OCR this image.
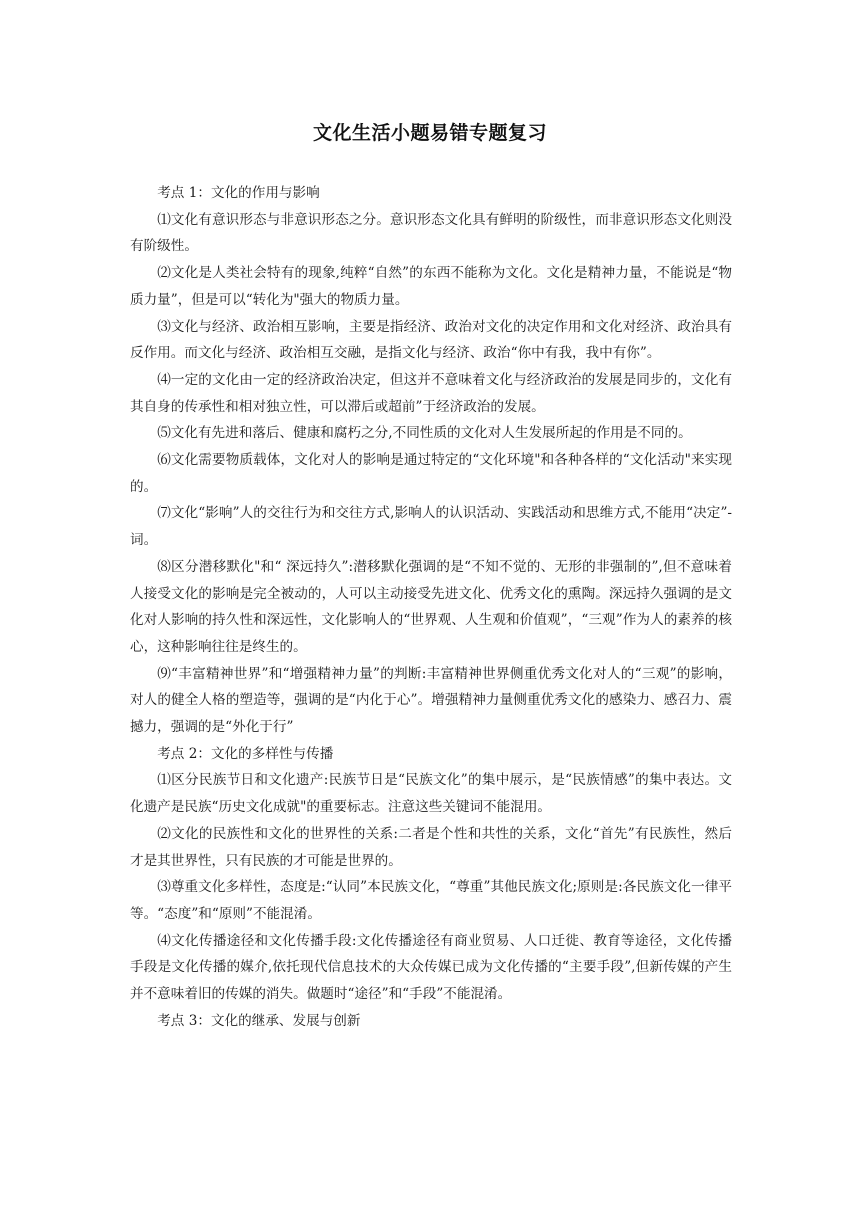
文化生活小题易错专题复习

考点 1：文化的作用与影响

⑴文化有意识形态与非意识形态之分。意识形态文化具有鲜明的阶级性，而非意识形态文化则没有阶级性。

⑵文化是人类社会特有的现象,纯粹“自然”的东西不能称为文化。文化是精神力量，不能说是“物质力量”，但是可以“转化为"强大的物质力量。

⑶文化与经济、政治相互影响，主要是指经济、政治对文化的决定作用和文化对经济、政治具有反作用。而文化与经济、政治相互交融，是指文化与经济、政治“你中有我，我中有你”。

⑷一定的文化由一定的经济政治决定，但这并不意味着文化与经济政治的发展是同步的，文化有其自身的传承性和相对独立性，可以滞后或超前”于经济政治的发展。

⑸文化有先进和落后、健康和腐朽之分,不同性质的文化对人生发展所起的作用是不同的。

⑹文化需要物质载体，文化对人的影响是通过特定的“文化环境"和各种各样的“文化活动"来实现的。

⑺文化“影响”人的交往行为和交往方式,影响人的认识活动、实践活动和思维方式,不能用“决定”-词。

⑻区分潜移默化"和“ 深远持久”:潜移默化强调的是“不知不觉的、无形的非强制的”,但不意味着人接受文化的影响是完全被动的，人可以主动接受先进文化、优秀文化的熏陶。深远持久强调的是文化对人影响的持久性和深远性，文化影响人的“世界观、人生观和价值观”，“三观”作为人的素养的核心，这种影响往往是终生的。

⑼“丰富精神世界”和“增强精神力量”的判断:丰富精神世界侧重优秀文化对人的“三观”的影响，对人的健全人格的塑造等，强调的是“内化于心”。增强精神力量侧重优秀文化的感染力、感召力、震撼力，强调的是“外化于行”

考点 2：文化的多样性与传播

⑴区分民族节日和文化遗产:民族节日是“民族文化”的集中展示，是“民族情感”的集中表达。文化遗产是民族“历史文化成就"的重要标志。注意这些关键词不能混用。

⑵文化的民族性和文化的世界性的关系:二者是个性和共性的关系，文化“首先”有民族性，然后才是其世界性，只有民族的才可能是世界的。

⑶尊重文化多样性，态度是:“认同”本民族文化，“尊重”其他民族文化;原则是:各民族文化一律平等。“态度”和“原则”不能混淆。

⑷文化传播途径和文化传播手段:文化传播途径有商业贸易、人口迁徙、教育等途径，文化传播手段是文化传播的媒介,依托现代信息技术的大众传媒已成为文化传播的“主要手段”,但新传媒的产生并不意味着旧的传媒的消失。做题时“途径”和“手段”不能混淆。

考点 3：文化的继承、发展与创新
